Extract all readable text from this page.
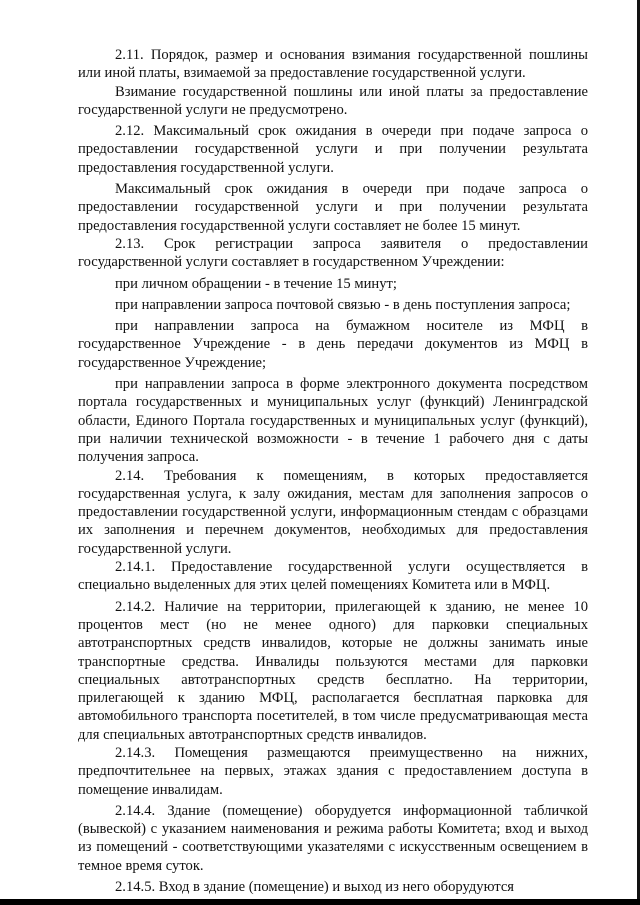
2.11. Порядок, размер и основания взимания государственной пошлины или иной платы, взимаемой за предоставление государственной услуги.

Взимание государственной пошлины или иной платы за предоставление государственной услуги не предусмотрено.

2.12. Максимальный срок ожидания в очереди при подаче запроса о предоставлении государственной услуги и при получении результата предоставления государственной услуги.

Максимальный срок ожидания в очереди при подаче запроса о предоставлении государственной услуги и при получении результата предоставления государственной услуги составляет не более 15 минут.

2.13. Срок регистрации запроса заявителя о предоставлении государственной услуги составляет в государственном Учреждении:

при личном обращении - в течение 15 минут;

при направлении запроса почтовой связью - в день поступления запроса;

при направлении запроса на бумажном носителе из МФЦ в государственное Учреждение - в день передачи документов из МФЦ в государственное Учреждение;

при направлении запроса в форме электронного документа посредством портала государственных и муниципальных услуг (функций) Ленинградской области, Единого Портала государственных и муниципальных услуг (функций), при наличии технической возможности - в течение 1 рабочего дня с даты получения запроса.

2.14. Требования к помещениям, в которых предоставляется государственная услуга, к залу ожидания, местам для заполнения запросов о предоставлении государственной услуги, информационным стендам с образцами их заполнения и перечнем документов, необходимых для предоставления государственной услуги.

2.14.1. Предоставление государственной услуги осуществляется в специально выделенных для этих целей помещениях Комитета или в МФЦ.

2.14.2. Наличие на территории, прилегающей к зданию, не менее 10 процентов мест (но не менее одного) для парковки специальных автотранспортных средств инвалидов, которые не должны занимать иные транспортные средства. Инвалиды пользуются местами для парковки специальных автотранспортных средств бесплатно. На территории, прилегающей к зданию МФЦ, располагается бесплатная парковка для автомобильного транспорта посетителей, в том числе предусматривающая места для специальных автотранспортных средств инвалидов.

2.14.3. Помещения размещаются преимущественно на нижних, предпочтительнее на первых, этажах здания с предоставлением доступа в помещение инвалидам.

2.14.4. Здание (помещение) оборудуется информационной табличкой (вывеской) с указанием наименования и режима работы Комитета; вход и выход из помещений - соответствующими указателями с искусственным освещением в темное время суток.

2.14.5. Вход в здание (помещение) и выход из него оборудуются
